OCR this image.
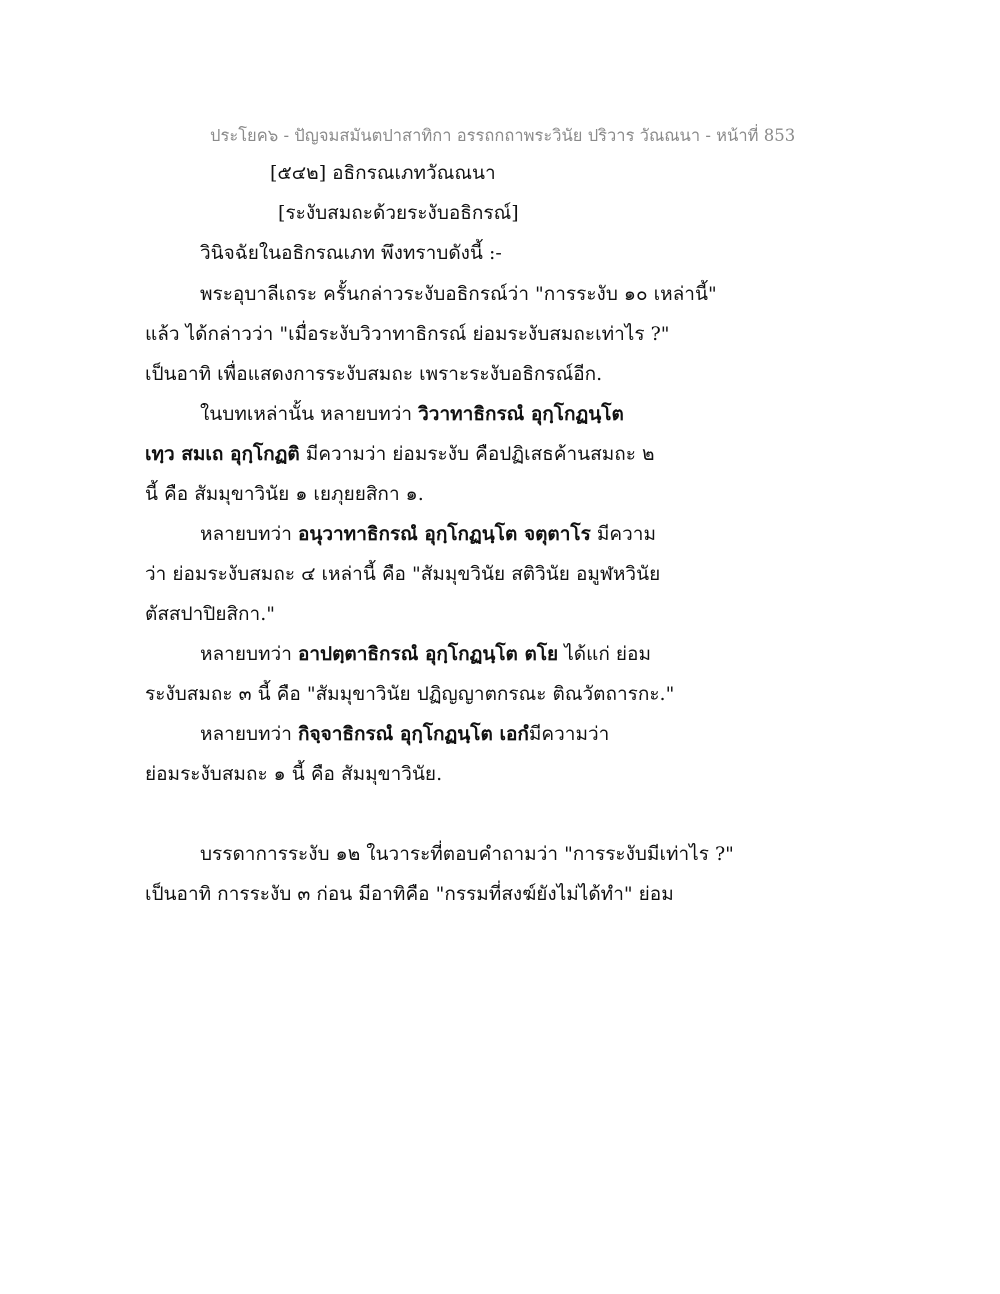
ประโยค๖ - ปัญจมสมันตปาสาทิกา อรรถกถาพระวินัย ปริวาร วัณณนา - หน้าที่ 853
[๕๔๒] อธิกรณเภทวัณณนา
[ระงับสมถะด้วยระงับอธิกรณ์]
วินิจฉัยในอธิกรณเภท พึงทราบดังนี้ :-
พระอุบาลีเถระ ครั้นกล่าวระงับอธิกรณ์ว่า "การระงับ ๑๐ เหล่านี้"
แล้ว ได้กล่าวว่า "เมื่อระงับวิวาทาธิกรณ์ ย่อมระงับสมถะเท่าไร ?"
เป็นอาทิ เพื่อแสดงการระงับสมถะ เพราะระงับอธิกรณ์อีก.
ในบทเหล่านั้น หลายบทว่า วิวาทาธิกรณํ อุกฺโกฏนฺโต
เทฺว สมเถ อุกฺโกฏติ มีความว่า ย่อมระงับ คือปฏิเสธค้านสมถะ ๒
นี้ คือ สัมมุขาวินัย ๑ เยภุยยสิกา ๑.
หลายบทว่า อนุวาทาธิกรณํ อุกฺโกฏนฺโต จตุตาโร มีความ
ว่า ย่อมระงับสมถะ ๔ เหล่านี้ คือ "สัมมุขวินัย สติวินัย อมูฬหวินัย
ตัสสปาปิยสิกา."
หลายบทว่า อาปตฺตาธิกรณํ อุกฺโกฏนฺโต ตโย ได้แก่ ย่อม
ระงับสมถะ ๓ นี้ คือ "สัมมุขาวินัย ปฏิญญาตกรณะ ติณวัตถารกะ."
หลายบทว่า กิจฺจาธิกรณํ อุกฺโกฏนฺโต เอกํมีความว่า
ย่อมระงับสมถะ ๑ นี้ คือ สัมมุขาวินัย.
บรรดาการระงับ ๑๒ ในวาระที่ตอบคำถามว่า "การระงับมีเท่าไร ?"
เป็นอาทิ การระงับ ๓ ก่อน มีอาทิคือ "กรรมที่สงฆ์ยังไม่ได้ทำ" ย่อม
